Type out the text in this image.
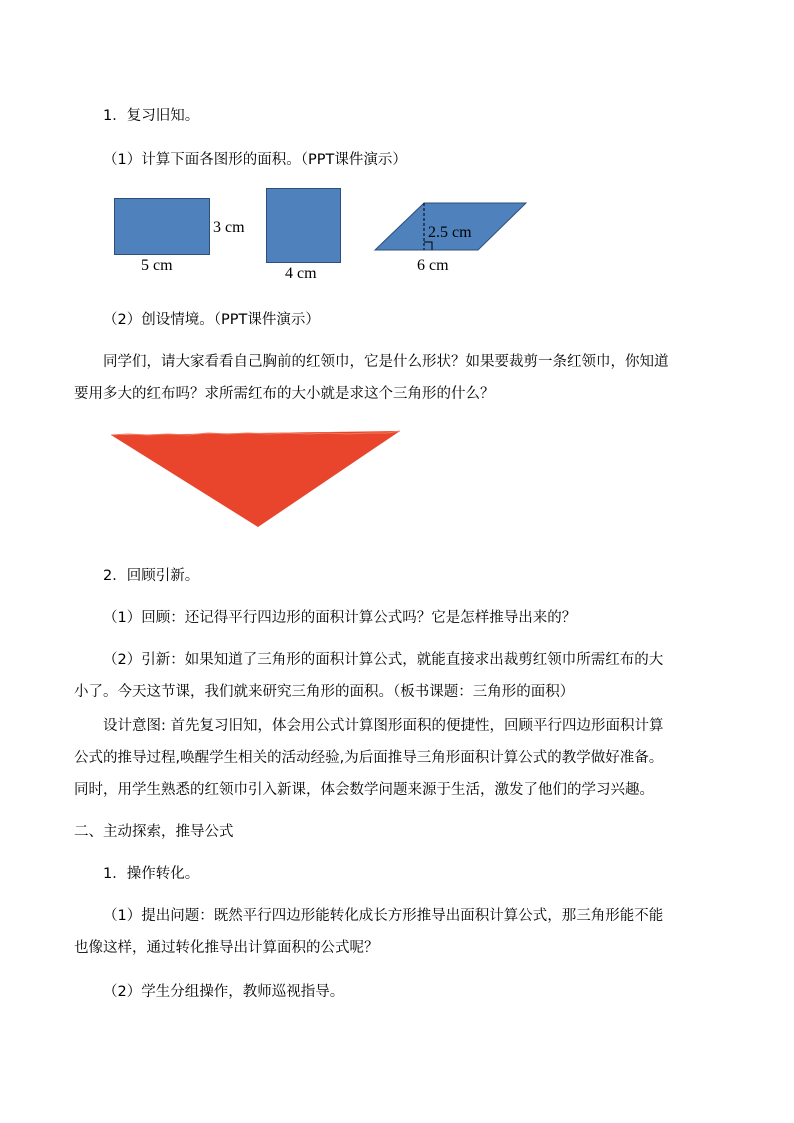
1．复习旧知。
（1）计算下面各图形的面积。（PPT课件演示）
3 cm
5 cm	4 cm
2.5 cm
6 cm
（2）创设情境。（PPT课件演示）
同学们，请大家看看自己胸前的红领巾，它是什么形状？如果要裁剪一条红领巾，你知道
要用多大的红布吗？求所需红布的大小就是求这个三角形的什么？
2．回顾引新。
（1）回顾：还记得平行四边形的面积计算公式吗？它是怎样推导出来的？
（2）引新：如果知道了三角形的面积计算公式，就能直接求出裁剪红领巾所需红布的大
小了。今天这节课，我们就来研究三角形的面积。（板书课题：三角形的面积）
设计意图: 首先复习旧知，体会用公式计算图形面积的便捷性，回顾平行四边形面积计算
公式的推导过程,唤醒学生相关的活动经验,为后面推导三角形面积计算公式的教学做好准备。
同时，用学生熟悉的红领巾引入新课，体会数学问题来源于生活，激发了他们的学习兴趣。
二、主动探索，推导公式
1．操作转化。
（1）提出问题：既然平行四边形能转化成长方形推导出面积计算公式，那三角形能不能
也像这样，通过转化推导出计算面积的公式呢？
（2）学生分组操作，教师巡视指导。
